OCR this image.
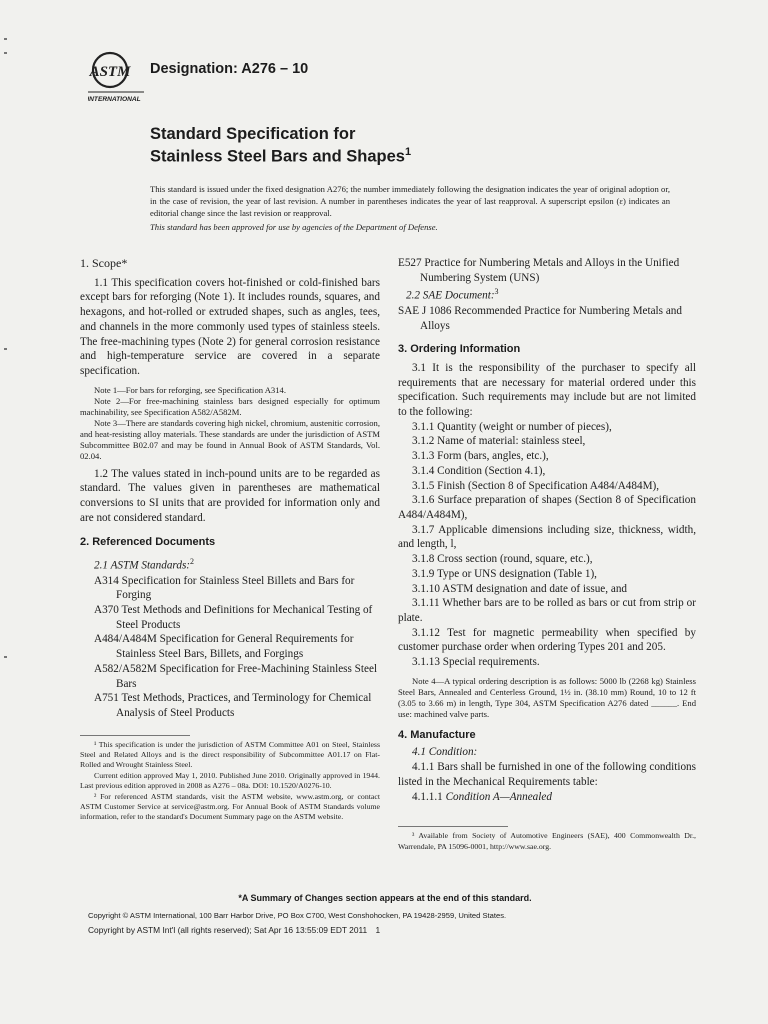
ASTM
INTERNATIONAL
Designation: A276 – 10
Standard Specification for
Stainless Steel Bars and Shapes$^1$
This standard is issued under the fixed designation A276; the number immediately following the designation indicates the year of original adoption or, in the case of revision, the year of last revision. A number in parentheses indicates the year of last reapproval. A superscript epsilon (ε) indicates an editorial change since the last revision or reapproval.
This standard has been approved for use by agencies of the Department of Defense.

1. Scope*

1.1 This specification covers hot-finished or cold-finished bars except bars for reforging (Note 1). It includes rounds, squares, and hexagons, and hot-rolled or extruded shapes, such as angles, tees, and channels in the more commonly used types of stainless steels. The free-machining types (Note 2) for general corrosion resistance and high-temperature service are covered in a separate specification.

Note 1—For bars for reforging, see Specification A314.

Note 2—For free-machining stainless bars designed especially for optimum machinability, see Specification A582/A582M.

Note 3—There are standards covering high nickel, chromium, austenitic corrosion, and heat-resisting alloy materials. These standards are under the jurisdiction of ASTM Subcommittee B02.07 and may be found in Annual Book of ASTM Standards, Vol. 02.04.

1.2 The values stated in inch-pound units are to be regarded as standard. The values given in parentheses are mathematical conversions to SI units that are provided for information only and are not considered standard.

2. Referenced Documents

2.1 ASTM Standards:$^2$

A314 Specification for Stainless Steel Billets and Bars for Forging

A370 Test Methods and Definitions for Mechanical Testing of Steel Products

A484/A484M Specification for General Requirements for Stainless Steel Bars, Billets, and Forgings

A582/A582M Specification for Free-Machining Stainless Steel Bars

A751 Test Methods, Practices, and Terminology for Chemical Analysis of Steel Products

¹ This specification is under the jurisdiction of ASTM Committee A01 on Steel, Stainless Steel and Related Alloys and is the direct responsibility of Subcommittee A01.17 on Flat-Rolled and Wrought Stainless Steel.

Current edition approved May 1, 2010. Published June 2010. Originally approved in 1944. Last previous edition approved in 2008 as A276 – 08a. DOI: 10.1520/A0276-10.

² For referenced ASTM standards, visit the ASTM website, www.astm.org, or contact ASTM Customer Service at service@astm.org. For Annual Book of ASTM Standards volume information, refer to the standard's Document Summary page on the ASTM website.

E527 Practice for Numbering Metals and Alloys in the Unified Numbering System (UNS)

2.2 SAE Document:$^3$

SAE J 1086 Recommended Practice for Numbering Metals and Alloys

3. Ordering Information

3.1 It is the responsibility of the purchaser to specify all requirements that are necessary for material ordered under this specification. Such requirements may include but are not limited to the following:

3.1.1 Quantity (weight or number of pieces),

3.1.2 Name of material: stainless steel,

3.1.3 Form (bars, angles, etc.),

3.1.4 Condition (Section 4.1),

3.1.5 Finish (Section 8 of Specification A484/A484M),

3.1.6 Surface preparation of shapes (Section 8 of Specification A484/A484M),

3.1.7 Applicable dimensions including size, thickness, width, and length, l,

3.1.8 Cross section (round, square, etc.),

3.1.9 Type or UNS designation (Table 1),

3.1.10 ASTM designation and date of issue, and

3.1.11 Whether bars are to be rolled as bars or cut from strip or plate.

3.1.12 Test for magnetic permeability when specified by customer purchase order when ordering Types 201 and 205.

3.1.13 Special requirements.

Note 4—A typical ordering description is as follows: 5000 lb (2268 kg) Stainless Steel Bars, Annealed and Centerless Ground, 1½ in. (38.10 mm) Round, 10 to 12 ft (3.05 to 3.66 m) in length, Type 304, ASTM Specification A276 dated ______. End use: machined valve parts.

4. Manufacture

4.1 Condition:

4.1.1 Bars shall be furnished in one of the following conditions listed in the Mechanical Requirements table:

4.1.1.1 Condition A—Annealed

³ Available from Society of Automotive Engineers (SAE), 400 Commonwealth Dr., Warrendale, PA 15096-0001, http://www.sae.org.

*A Summary of Changes section appears at the end of this standard.
Copyright © ASTM International, 100 Barr Harbor Drive, PO Box C700, West Conshohocken, PA 19428-2959, United States.
Copyright by ASTM Int'l (all rights reserved); Sat Apr 16 13:55:09 EDT 2011 1
